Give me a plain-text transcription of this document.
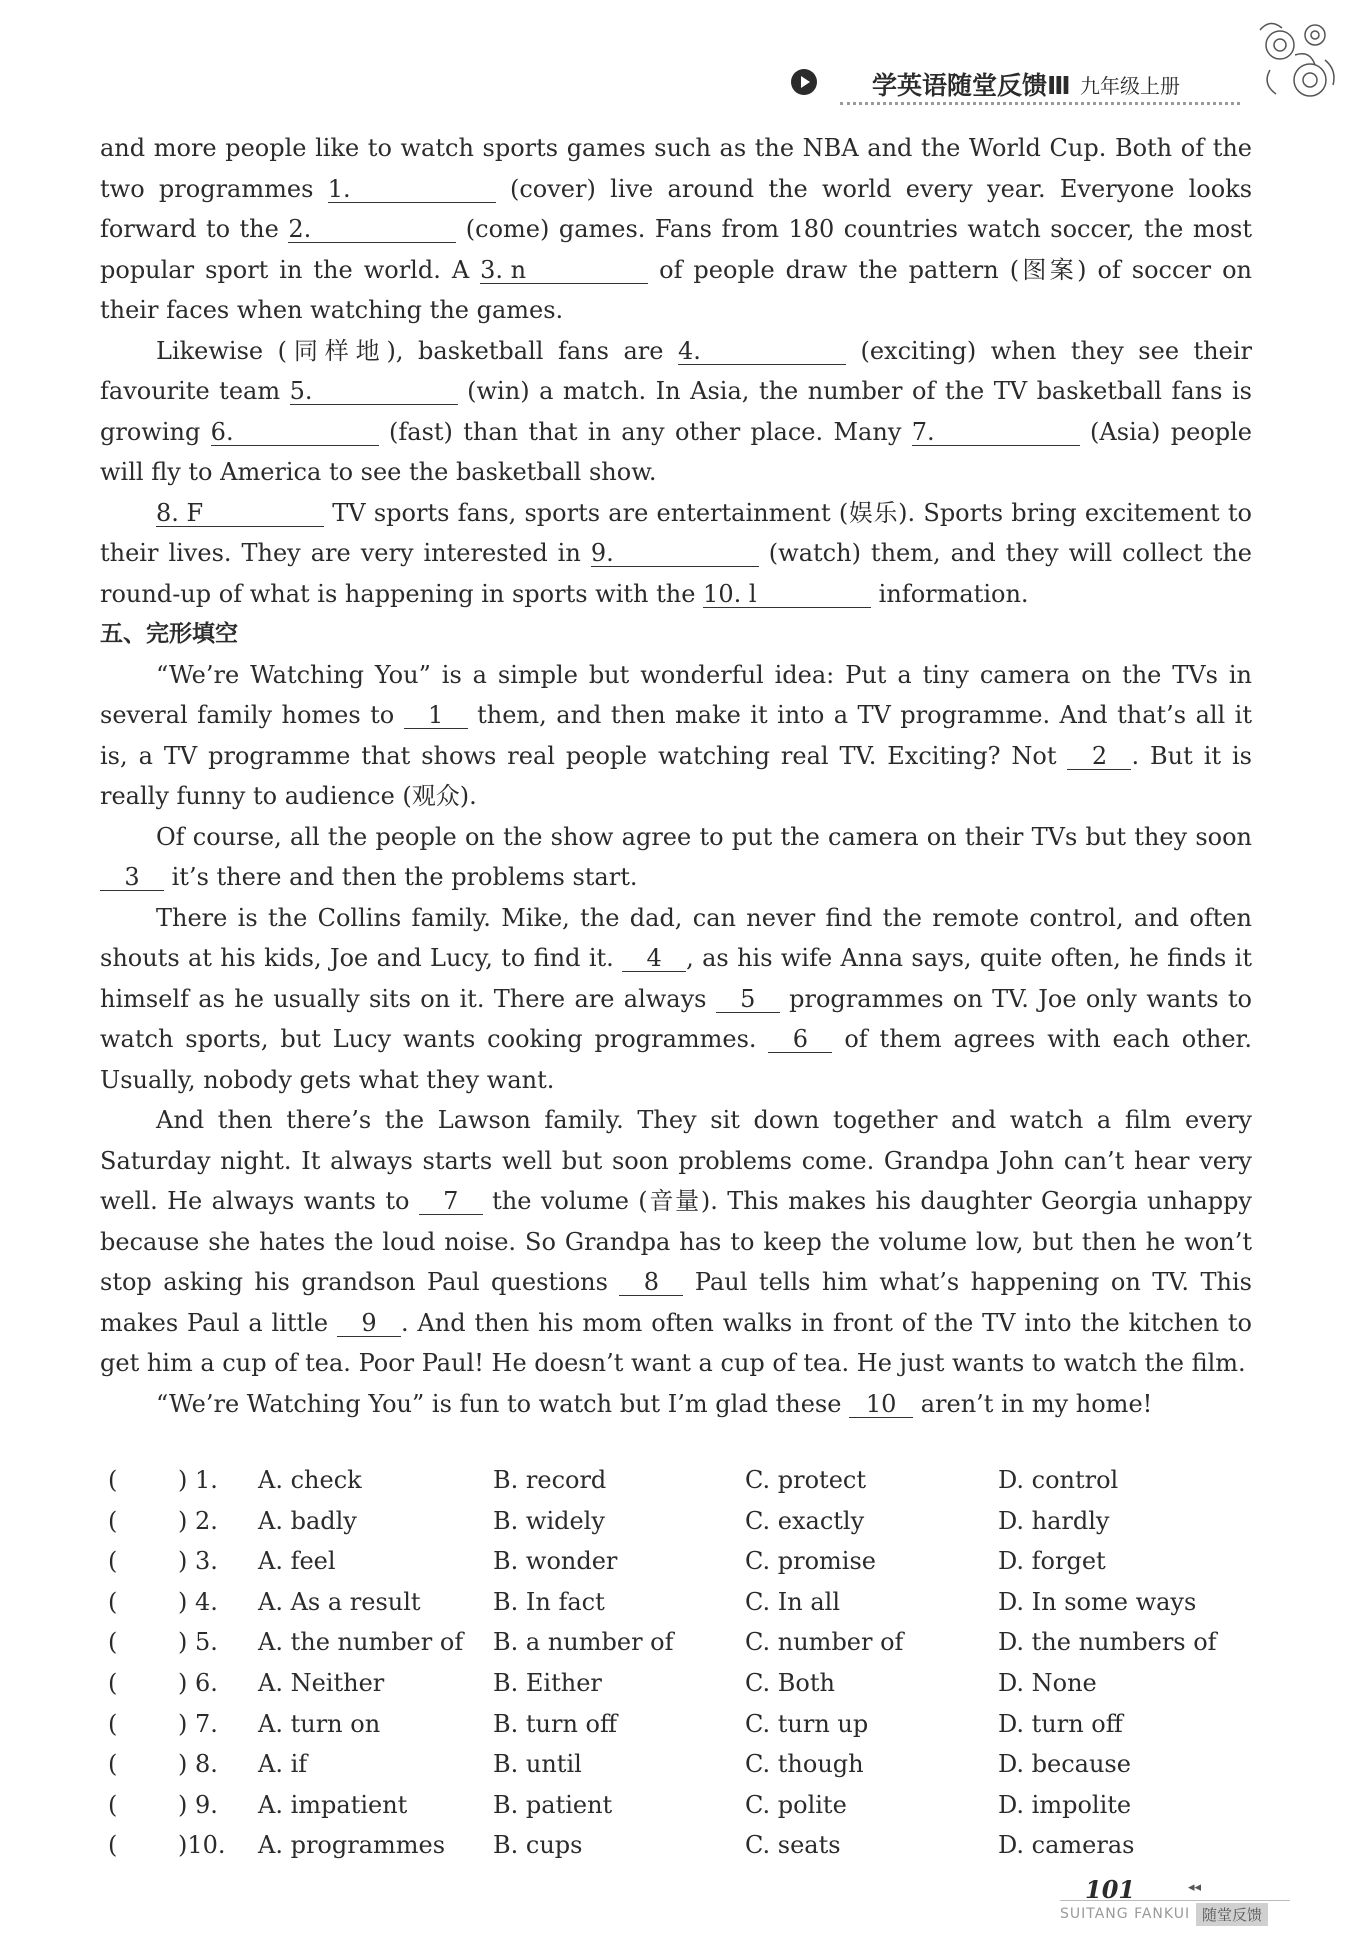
学英语随堂反馈Ⅲ 九年级上册

and more people like to watch sports games such as the NBA and the World Cup. Both of the two programmes 1.	(cover) live around the world every year. Everyone looks forward to the 2.	(come) games. Fans from 180 countries watch soccer, the most popular sport in the world. A 3. n	of people draw the pattern (图案) of soccer on their faces when watching the games.

Likewise (同样地), basketball fans are 4.	(exciting) when they see their favourite team 5.	(win) a match. In Asia, the number of the TV basketball fans is growing 6.	(fast) than that in any other place. Many 7.	(Asia) people will fly to America to see the basketball show.

8. F	TV sports fans, sports are entertainment (娱乐). Sports bring excitement to their lives. They are very interested in 9.	(watch) them, and they will collect the round-up of what is happening in sports with the 10. l	information.

五、完形填空

“We’re Watching You” is a simple but wonderful idea: Put a tiny camera on the TVs in several family homes to 1 them, and then make it into a TV programme. And that’s all it is, a TV programme that shows real people watching real TV. Exciting? Not 2 . But it is really funny to audience (观众).

Of course, all the people on the show agree to put the camera on their TVs but they soon 3 it’s there and then the problems start.

There is the Collins family. Mike, the dad, can never find the remote control, and often shouts at his kids, Joe and Lucy, to find it. 4 , as his wife Anna says, quite often, he finds it himself as he usually sits on it. There are always 5 programmes on TV. Joe only wants to watch sports, but Lucy wants cooking programmes. 6 of them agrees with each other. Usually, nobody gets what they want.

And then there’s the Lawson family. They sit down together and watch a film every Saturday night. It always starts well but soon problems come. Grandpa John can’t hear very well. He always wants to 7 the volume (音量). This makes his daughter Georgia unhappy because she hates the loud noise. So Grandpa has to keep the volume low, but then he won’t stop asking his grandson Paul questions 8 Paul tells him what’s happening on TV. This makes Paul a little 9 . And then his mom often walks in front of the TV into the kitchen to get him a cup of tea. Poor Paul! He doesn’t want a cup of tea. He just wants to watch the film.

“We’re Watching You” is fun to watch but I’m glad these 10 aren’t in my home!

(	) 1. A. check	B. record	C. protect	D. control
(	) 2. A. badly	B. widely	C. exactly	D. hardly
(	) 3. A. feel	B. wonder	C. promise	D. forget
(	) 4. A. As a result	B. In fact	C. In all	D. In some ways
(	) 5. A. the number of B. a number of	C. number of	D. the numbers of
(	) 6. A. Neither	B. Either	C. Both	D. None
(	) 7. A. turn on	B. turn off	C. turn up	D. turn off
(	) 8. A. if	B. until	C. though	D. because
(	) 9. A. impatient	B. patient	C. polite	D. impolite
(	)10. A. programmes B. cups	C. seats	D. cameras
101	◂◂
SUITANG FANKUI 随堂反馈
